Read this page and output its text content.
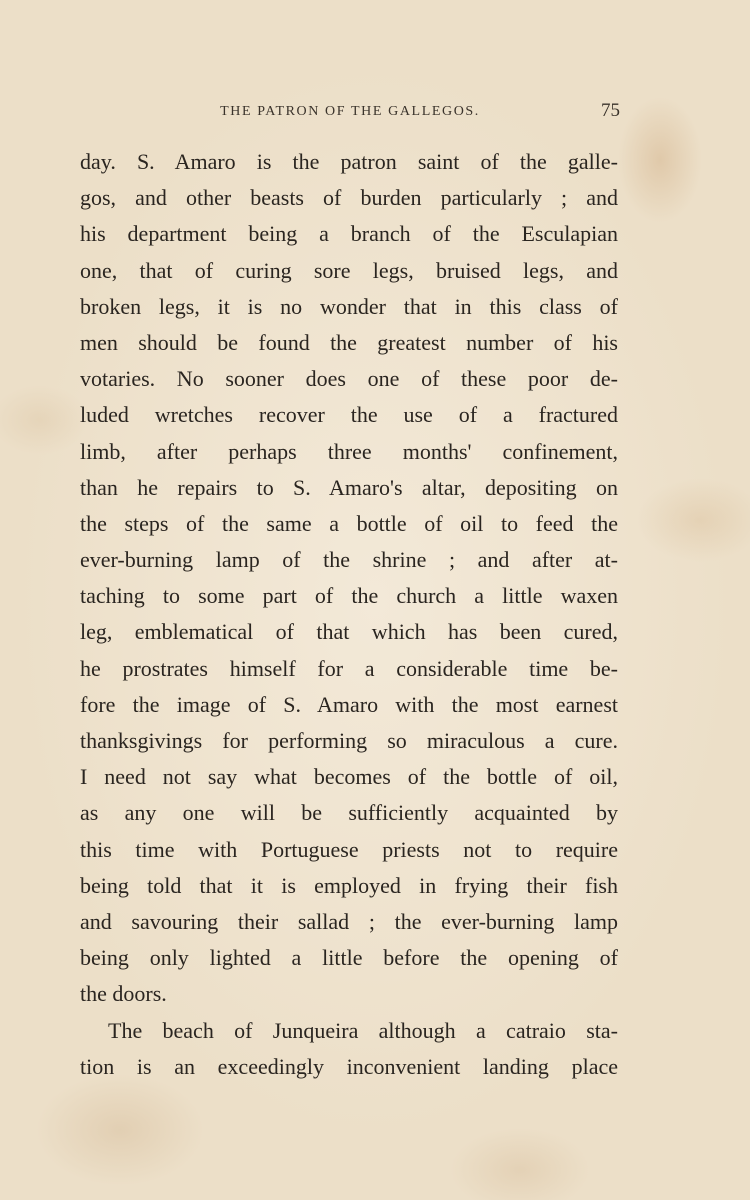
THE PATRON OF THE GALLEGOS.	75
day. S. Amaro is the patron saint of the galle-
gos, and other beasts of burden particularly ; and
his department being a branch of the Esculapian
one, that of curing sore legs, bruised legs, and
broken legs, it is no wonder that in this class of
men should be found the greatest number of his
votaries. No sooner does one of these poor de-
luded wretches recover the use of a fractured
limb, after perhaps three months' confinement,
than he repairs to S. Amaro's altar, depositing on
the steps of the same a bottle of oil to feed the
ever-burning lamp of the shrine ; and after at-
taching to some part of the church a little waxen
leg, emblematical of that which has been cured,
he prostrates himself for a considerable time be-
fore the image of S. Amaro with the most earnest
thanksgivings for performing so miraculous a cure.
I need not say what becomes of the bottle of oil,
as any one will be sufficiently acquainted by
this time with Portuguese priests not to require
being told that it is employed in frying their fish
and savouring their sallad ; the ever-burning lamp
being only lighted a little before the opening of
the doors.
The beach of Junqueira although a catraio sta-
tion is an exceedingly inconvenient landing place
